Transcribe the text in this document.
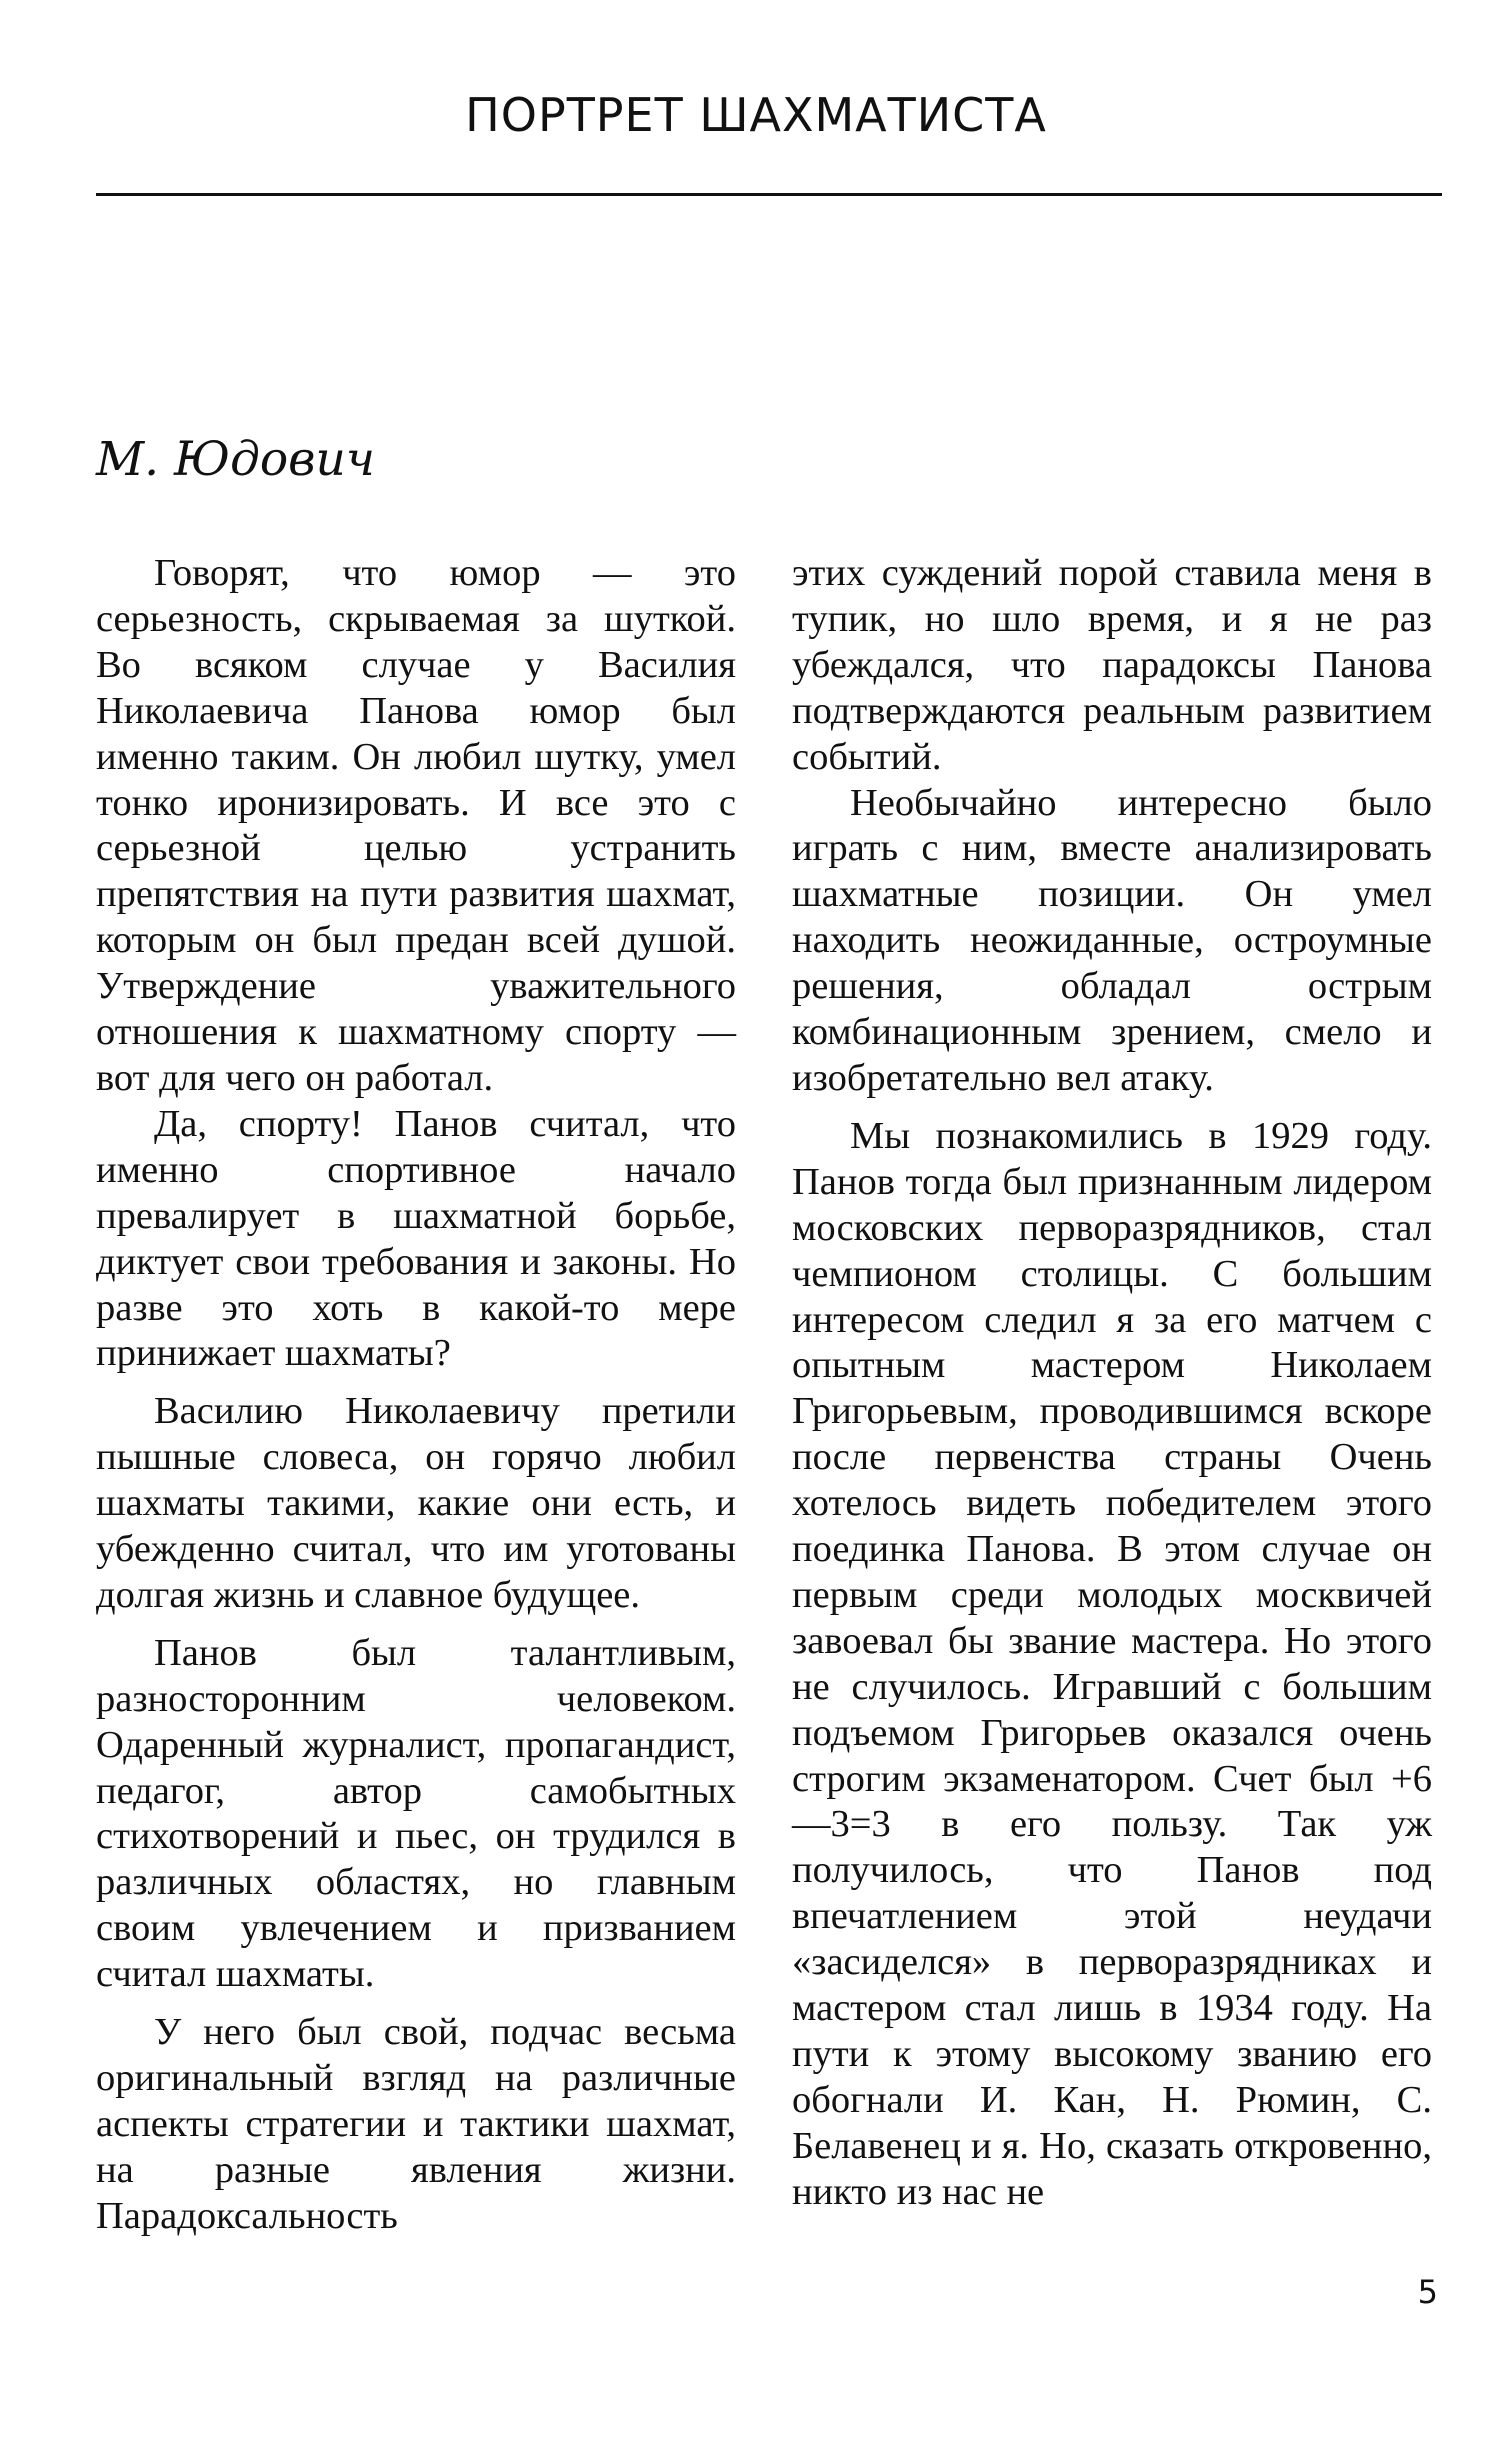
ПОРТРЕТ ШАХМАТИСТА
М. Юдович

Говорят, что юмор — это серьезность, скрываемая за шуткой. Во всяком случае у Василия Николаевича Панова юмор был именно таким. Он любил шутку, умел тонко иронизировать. И все это с серьезной целью устранить препятствия на пути развития шахмат, которым он был предан всей душой. Утверждение уважительного отношения к шахматному спорту — вот для чего он работал.

Да, спорту! Панов считал, что именно спортивное начало превалирует в шахматной борьбе, диктует свои требования и законы. Но разве это хоть в какой-то мере принижает шахматы?

Василию Николаевичу претили пышные словеса, он горячо любил шахматы такими, какие они есть, и убежденно считал, что им уготованы долгая жизнь и славное будущее.

Панов был талантливым, разносторонним человеком. Одаренный журналист, пропагандист, педагог, автор самобытных стихотворений и пьес, он трудился в различных областях, но главным своим увлечением и призванием считал шахматы.

У него был свой, подчас весьма оригинальный взгляд на различные аспекты стратегии и тактики шахмат, на разные явления жизни. Парадоксальность

этих суждений порой ставила меня в тупик, но шло время, и я не раз убеждался, что парадоксы Панова подтверждаются реальным развитием событий.

Необычайно интересно было играть с ним, вместе анализировать шахматные позиции. Он умел находить неожиданные, остроумные решения, обладал острым комбинационным зрением, смело и изобретательно вел атаку.

Мы познакомились в 1929 году. Панов тогда был признанным лидером московских перворазрядников, стал чемпионом столицы. С большим интересом следил я за его матчем с опытным мастером Николаем Григорьевым, проводившимся вскоре после первенства страны Очень хотелось видеть победителем этого поединка Панова. В этом случае он первым среди молодых москвичей завоевал бы звание мастера. Но этого не случилось. Игравший с большим подъемом Григорьев оказался очень строгим экзаменатором. Счет был +6—3=3 в его пользу. Так уж получилось, что Панов под впечатлением этой неудачи «засиделся» в перворазрядниках и мастером стал лишь в 1934 году. На пути к этому высокому званию его обогнали И. Кан, Н. Рюмин, С. Белавенец и я. Но, сказать откровенно, никто из нас не

5
